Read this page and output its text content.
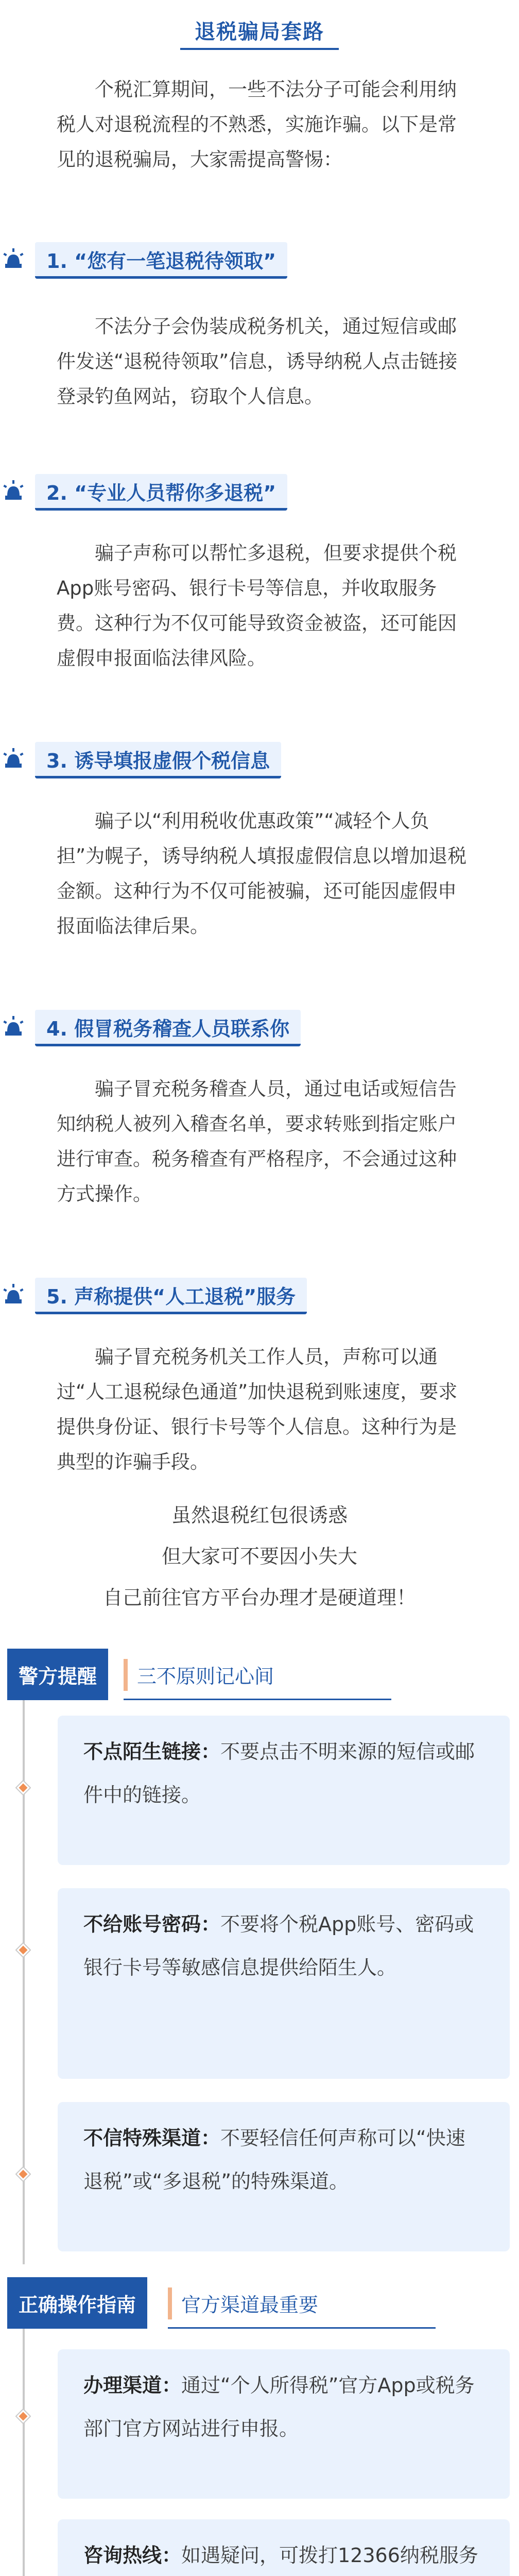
退税骗局套路
个税汇算期间，一些不法分子可能会利用纳税人对退税流程的不熟悉，实施诈骗。以下是常见的退税骗局，大家需提高警惕：
1. “您有一笔退税待领取”
不法分子会伪装成税务机关，通过短信或邮件发送“退税待领取”信息，诱导纳税人点击链接登录钓鱼网站，窃取个人信息。
2. “专业人员帮你多退税”
骗子声称可以帮忙多退税，但要求提供个税App账号密码、银行卡号等信息，并收取服务费。这种行为不仅可能导致资金被盗，还可能因虚假申报面临法律风险。
3. 诱导填报虚假个税信息
骗子以“利用税收优惠政策”“减轻个人负担”为幌子，诱导纳税人填报虚假信息以增加退税金额。这种行为不仅可能被骗，还可能因虚假申报面临法律后果。
4. 假冒税务稽查人员联系你
骗子冒充税务稽查人员，通过电话或短信告知纳税人被列入稽查名单，要求转账到指定账户进行审查。税务稽查有严格程序，不会通过这种方式操作。
5. 声称提供“人工退税”服务
骗子冒充税务机关工作人员，声称可以通过“人工退税绿色通道”加快退税到账速度，要求提供身份证、银行卡号等个人信息。这种行为是典型的诈骗手段。
虽然退税红包很诱惑
但大家可不要因小失大
自己前往官方平台办理才是硬道理！
警方提醒	三不原则记心间
不点陌生链接：不要点击不明来源的短信或邮件中的链接。
不给账号密码：不要将个税App账号、密码或银行卡号等敏感信息提供给陌生人。
不信特殊渠道：不要轻信任何声称可以“快速退税”或“多退税”的特殊渠道。
正确操作指南	官方渠道最重要
办理渠道：通过“个人所得税”官方App或税务部门官方网站进行申报。
咨询热线：如遇疑问，可拨打12366纳税服务
